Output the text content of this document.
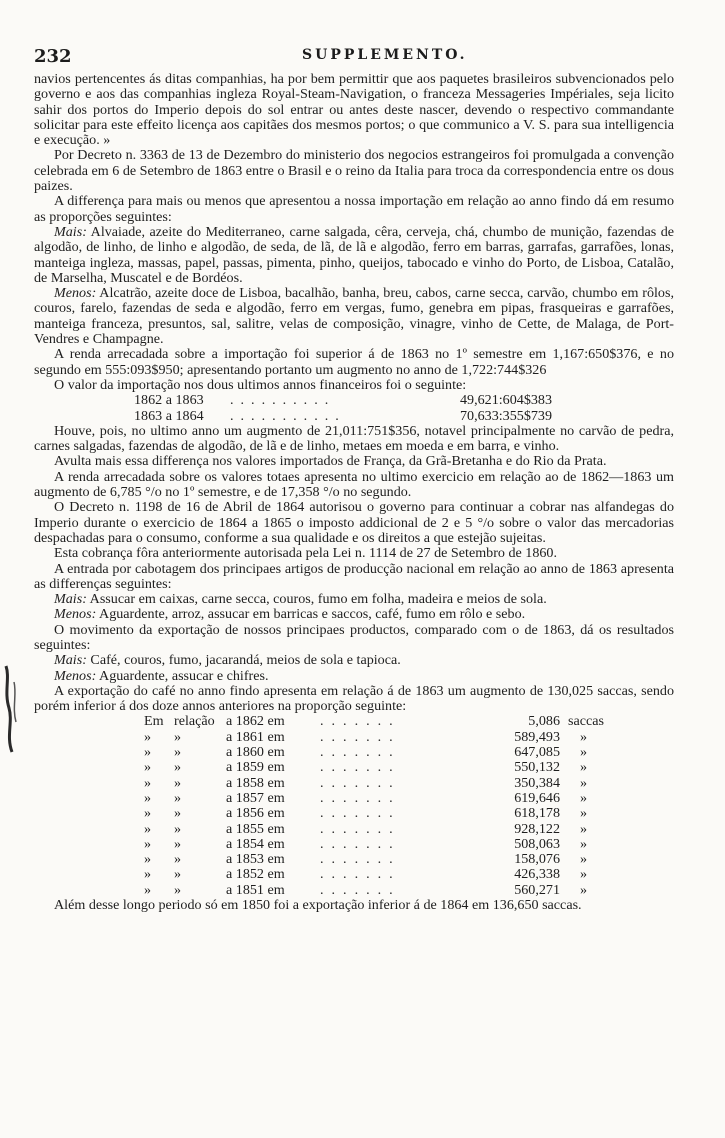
232	SUPPLEMENTO.

navios pertencentes ás ditas companhias, ha por bem permittir que aos paquetes brasileiros subvencionados pelo governo e aos das companhias ingleza Royal-Steam-Navigation, o franceza Messageries Impériales, seja licito sahir dos portos do Imperio depois do sol entrar ou antes deste nascer, devendo o respectivo commandante solicitar para este effeito licença aos capitães dos mesmos portos; o que communico a V. S. para sua intelligencia e execução. »

Por Decreto n. 3363 de 13 de Dezembro do ministerio dos negocios estrangeiros foi promulgada a convenção celebrada em 6 de Setembro de 1863 entre o Brasil e o reino da Italia para troca da correspondencia entre os dous paizes.

A differença para mais ou menos que apresentou a nossa importação em relação ao anno findo dá em resumo as proporções seguintes:

Mais: Alvaiade, azeite do Mediterraneo, carne salgada, cêra, cerveja, chá, chumbo de munição, fazendas de algodão, de linho, de linho e algodão, de seda, de lã, de lã e algodão, ferro em barras, garrafas, garrafões, lonas, manteiga ingleza, massas, papel, passas, pimenta, pinho, queijos, tabocado e vinho do Porto, de Lisboa, Catalão, de Marselha, Muscatel e de Bordéos.

Menos: Alcatrão, azeite doce de Lisboa, bacalhão, banha, breu, cabos, carne secca, carvão, chumbo em rôlos, couros, farelo, fazendas de seda e algodão, ferro em vergas, fumo, genebra em pipas, frasqueiras e garrafões, manteiga franceza, presuntos, sal, salitre, velas de composição, vinagre, vinho de Cette, de Malaga, de Port-Vendres e Champagne.

A renda arrecadada sobre a importação foi superior á de 1863 no 1º semestre em 1,167:650$376, e no segundo em 555:093$950; apresentando portanto um augmento no anno de 1,722:744$326

O valor da importação nos dous ultimos annos financeiros foi o seguinte:

1862 a 1863 ..........	49,621:604$383
1863 a 1864 ...........	70,633:355$739

Houve, pois, no ultimo anno um augmento de 21,011:751$356, notavel principalmente no carvão de pedra, carnes salgadas, fazendas de algodão, de lã e de linho, metaes em moeda e em barra, e vinho.

Avulta mais essa differença nos valores importados de França, da Grã-Bretanha e do Rio da Prata.

A renda arrecadada sobre os valores totaes apresenta no ultimo exercicio em relação ao de 1862—1863 um augmento de 6,785 °/o no 1º semestre, e de 17,358 °/o no segundo.

O Decreto n. 1198 de 16 de Abril de 1864 autorisou o governo para continuar a cobrar nas alfandegas do Imperio durante o exercicio de 1864 a 1865 o imposto addicional de 2 e 5 °/o sobre o valor das mercadorias despachadas para o consumo, conforme a sua qualidade e os direitos a que estejão sujeitas.

Esta cobrança fôra anteriormente autorisada pela Lei n. 1114 de 27 de Setembro de 1860.

A entrada por cabotagem dos principaes artigos de producção nacional em relação ao anno de 1863 apresenta as differenças seguintes:

Mais: Assucar em caixas, carne secca, couros, fumo em folha, madeira e meios de sola.

Menos: Aguardente, arroz, assucar em barricas e saccos, café, fumo em rôlo e sebo.

O movimento da exportação de nossos principaes productos, comparado com o de 1863, dá os resultados seguintes:

Mais: Café, couros, fumo, jacarandá, meios de sola e tapioca.

Menos: Aguardente, assucar e chifres.

A exportação do café no anno findo apresenta em relação á de 1863 um augmento de 130,025 saccas, sendo porém inferior á dos doze annos anteriores na proporção seguinte:

Em relação a 1862 em	.......	5,086 saccas
»	»	a 1861 em	.......	589,493 »
»	»	a 1860 em	.......	647,085 »
»	»	a 1859 em	.......	550,132 »
»	»	a 1858 em	.......	350,384 »
»	»	a 1857 em	.......	619,646 »
»	»	a 1856 em	.......	618,178 »
»	»	a 1855 em	.......	928,122 »
»	»	a 1854 em	.......	508,063 »
»	»	a 1853 em	.......	158,076 »
»	»	a 1852 em	.......	426,338 »
»	»	a 1851 em	.......	560,271 »

Além desse longo periodo só em 1850 foi a exportação inferior á de 1864 em 136,650 saccas.
